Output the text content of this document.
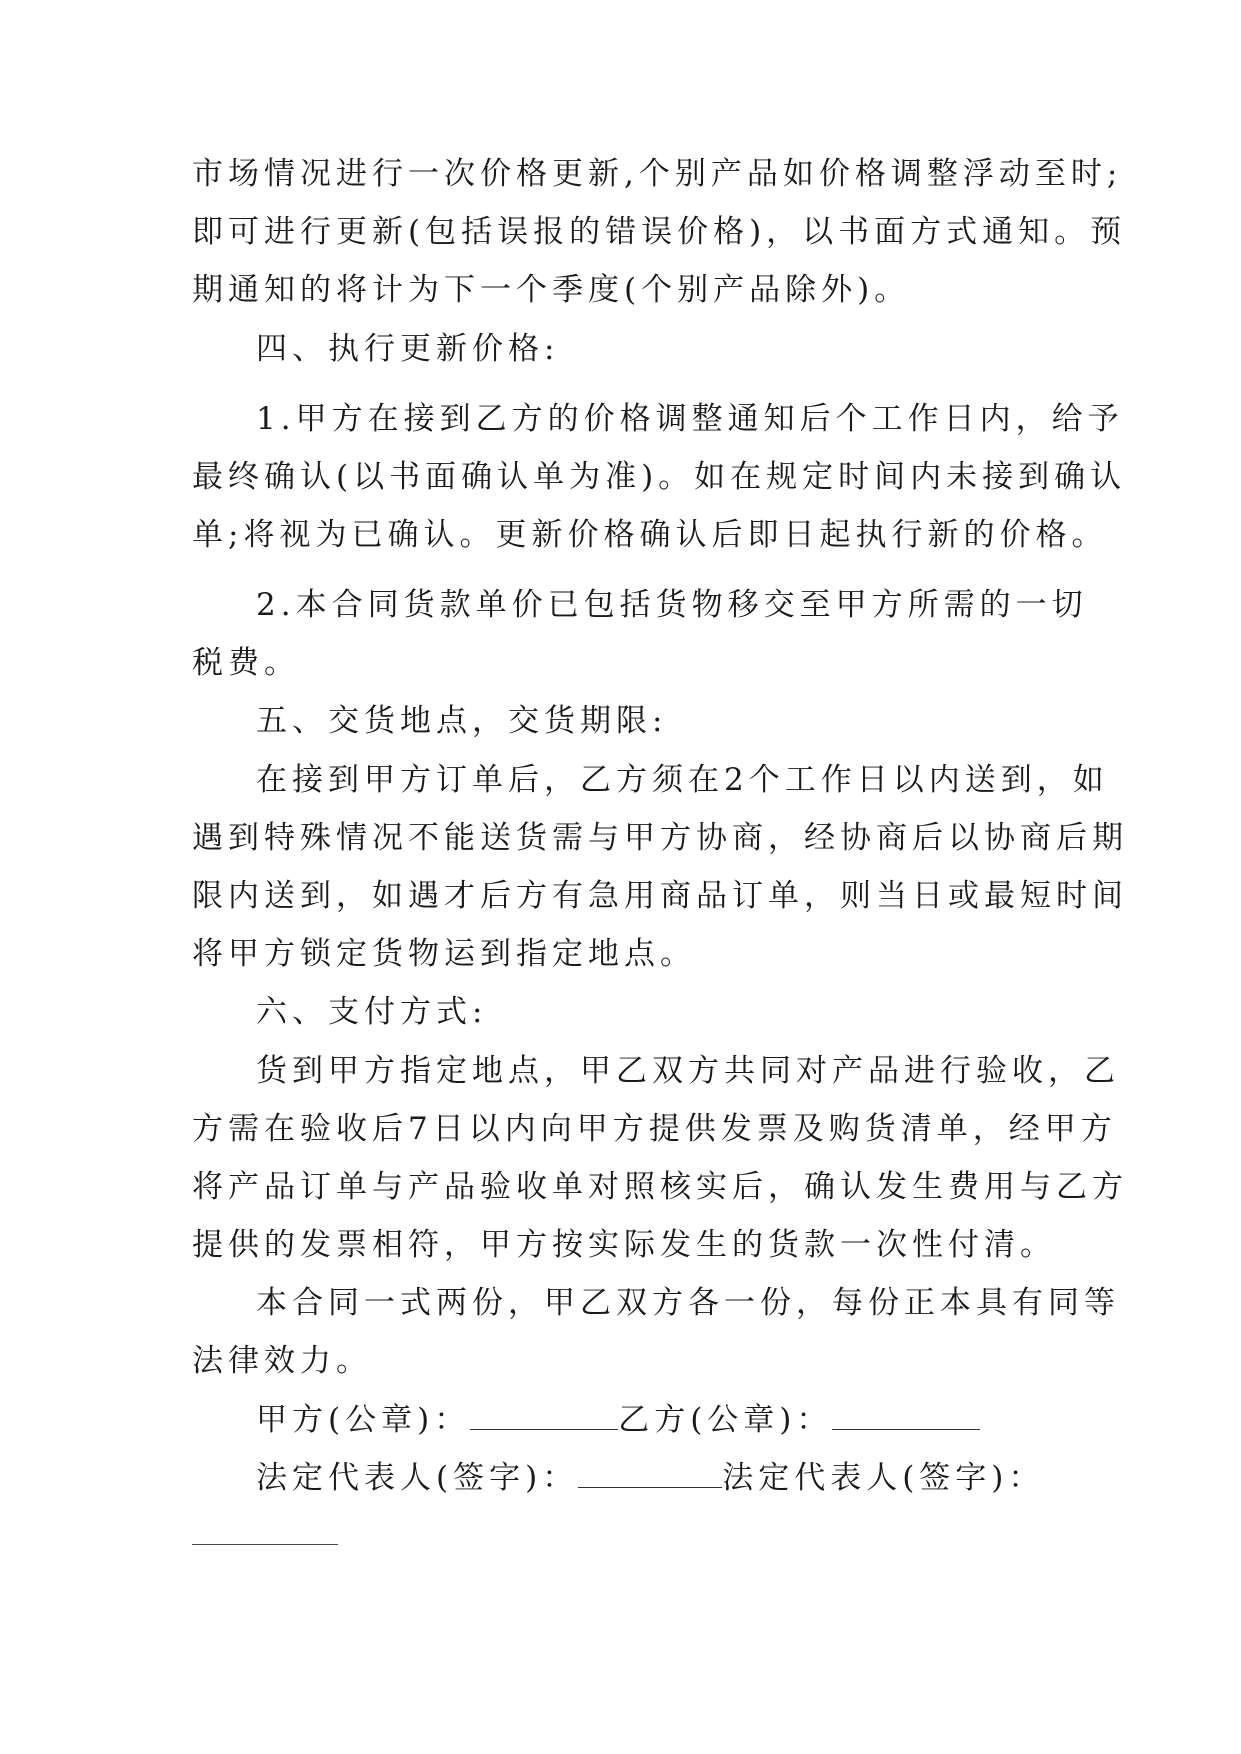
市场情况进行一次价格更新,个别产品如价格调整浮动至时;
即可进行更新(包括误报的错误价格)，以书面方式通知。预
期通知的将计为下一个季度(个别产品除外)。
四、执行更新价格:
1.甲方在接到乙方的价格调整通知后个工作日内，给予
最终确认(以书面确认单为准)。如在规定时间内未接到确认
单;将视为已确认。更新价格确认后即日起执行新的价格。
2.本合同货款单价已包括货物移交至甲方所需的一切
税费。
五、交货地点，交货期限:
在接到甲方订单后，乙方须在2个工作日以内送到，如
遇到特殊情况不能送货需与甲方协商，经协商后以协商后期
限内送到，如遇才后方有急用商品订单，则当日或最短时间
将甲方锁定货物运到指定地点。
六、支付方式:
货到甲方指定地点，甲乙双方共同对产品进行验收，乙
方需在验收后7日以内向甲方提供发票及购货清单，经甲方
将产品订单与产品验收单对照核实后，确认发生费用与乙方
提供的发票相符，甲方按实际发生的货款一次性付清。
本合同一式两份，甲乙双方各一份，每份正本具有同等
法律效力。
甲方(公章)：	乙方(公章)：
法定代表人(签字)：	法定代表人(签字)：
